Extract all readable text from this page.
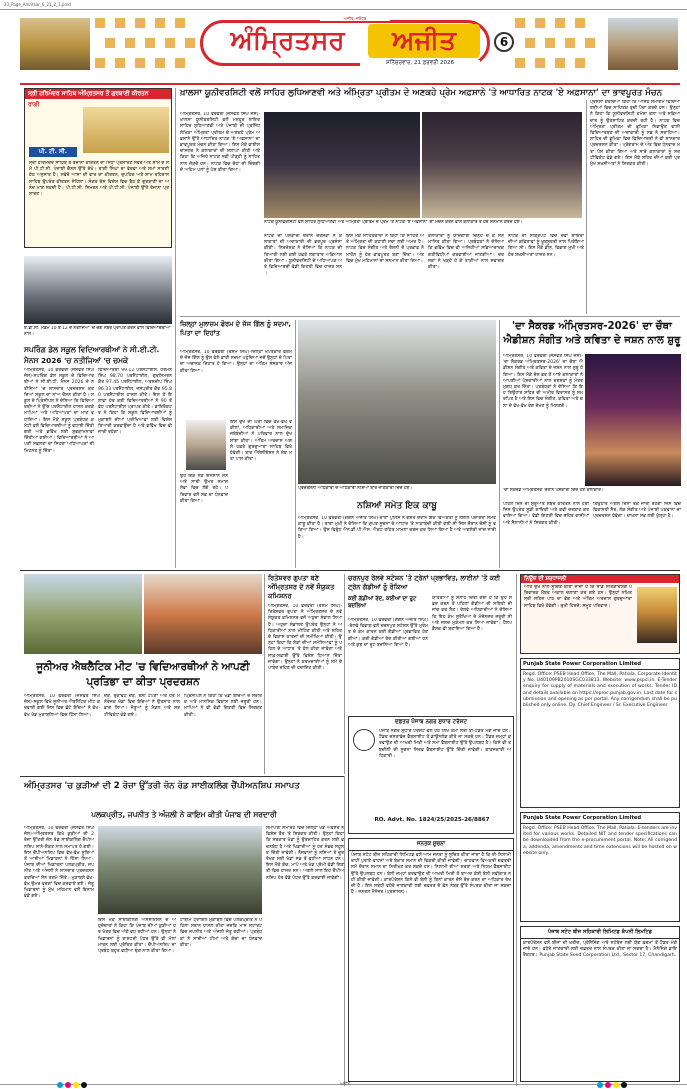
23_Page_Amritsar_6_21_2_1.pmd
ਅਜੀਤ, ਜਲੰਧਰ
ਅੰਮ੍ਰਿਤਸਰ	ਅਜੀਤ
ਸ਼ਨਿੱਚਰਵਾਰ, 21 ਫ਼ਰਵਰੀ 2026
6
ਸ੍ਰੀ ਹਰਿਮੰਦਰ ਸਾਹਿਬ ਅੰਮ੍ਰਿਤਸਰ ਤੋਂ ਗੁਰਬਾਣੀ ਕੀਰਤਨ
ਰਾਗੀ
ਪੀ. ਟੀ. ਸੀ.
ਸ੍ਰੀ ਹਰਿਮੰਦਰ ਸਾਹਿਬ ਤੋਂ ਰੋਜ਼ਾਨਾ ਕੀਰਤਨ ਦਾ ਸਿੱਧਾ ਪ੍ਰਸਾਰਣ ਸਵੇਰੇ ਅਤੇ ਸ਼ਾਮ ਦੇ ਸਮੇਂ ਪੀ.ਟੀ.ਸੀ. ਪੰਜਾਬੀ ਚੈਨਲ ਉੱਤੇ ਦੇਖੋ। ਰਾਗੀ ਸਿੰਘਾਂ ਦਾ ਵੇਰਵਾ ਅਤੇ ਸਮਾਂ ਸਾਰਣੀ ਹੇਠ ਅਨੁਸਾਰ ਹੈ। ਸਵੇਰੇ ਆਸਾ ਦੀ ਵਾਰ ਦਾ ਕੀਰਤਨ, ਦੁਪਹਿਰ ਅਤੇ ਸ਼ਾਮ ਰਹਿਰਾਸ ਸਾਹਿਬ ਉਪਰੰਤ ਕੀਰਤਨ ਸੋਹਿਲਾ। ਸੰਗਤ ਦੇਸ਼ ਵਿਦੇਸ਼ ਵਿਚ ਬੈਠ ਕੇ ਗੁਰਬਾਣੀ ਦਾ ਅਨੰਦ ਮਾਣ ਸਕਦੀ ਹੈ। ਪੀ.ਟੀ.ਸੀ. ਸਿਮਰਨ ਅਤੇ ਪੀ.ਟੀ.ਸੀ. ਪੰਜਾਬੀ ਉੱਤੇ ਰੋਜ਼ਾਨਾ ਪ੍ਰਸਾਰਣ।
ਏ.ਡੀ.ਸੀ. ਮੈਡਮ 10 ਤੇ 12 ਦੇ ਨਤੀਜਿਆਂ 'ਚ ਚੰਗੇ ਨੰਬਰ ਪ੍ਰਾਪਤ ਕਰਨ ਵਾਲੇ ਵਿਦਿਆਰਥੀਆਂ ਨਾਲ।
ਸਪਰਿੰਗ ਡੇਲ ਸਕੂਲ ਵਿਦਿਆਰਥੀਆਂ ਨੇ ਸੀ.ਈ.ਟੀ. ਮੈਨਸ 2026 'ਚ ਨਤੀਜਿਆਂ 'ਚ ਚਮਕੇ
ਅੰਮ੍ਰਿਤਸਰ, 10 ਫਰਵਰੀ (ਜਸਵੰਤ ਸਿੰਘ ਜੱਸ)-ਸਪਰਿੰਗ ਡੇਲ ਸਕੂਲ ਦੇ ਵਿਦਿਆਰਥੀਆਂ ਨੇ ਸੀ.ਈ.ਟੀ. ਮੈਨਸ 2026 ਦੇ ਨਤੀਜਿਆਂ 'ਚ ਸ਼ਾਨਦਾਰ ਪ੍ਰਦਰਸ਼ਨ ਕਰਦਿਆਂ ਸਕੂਲ ਦਾ ਨਾਂਅ ਰੌਸ਼ਨ ਕੀਤਾ ਹੈ। ਸਕੂਲ ਦੇ ਪ੍ਰਿੰਸੀਪਲ ਨੇ ਦੱਸਿਆ ਕਿ ਵਿਦਿਆਰਥੀਆਂ ਨੇ ਉੱਚ ਪਰਸੈਂਟਾਈਲ ਹਾਸਲ ਕਰਕੇ ਮਾਪਿਆਂ ਅਤੇ ਅਧਿਆਪਕਾਂ ਦਾ ਮਾਣ ਵਧਾਇਆ। ਇਸ ਮੌਕੇ ਸਕੂਲ ਪ੍ਰਬੰਧਕ ਕਮੇਟੀ ਵਲੋਂ ਵਿਦਿਆਰਥੀਆਂ ਨੂੰ ਵਧਾਈ ਦਿੱਤੀ ਗਈ ਅਤੇ ਭਵਿੱਖ ਲਈ ਸ਼ੁਭਕਾਮਨਾਵਾਂ ਦਿੱਤੀਆਂ ਗਈਆਂ। ਵਿਦਿਆਰਥੀਆਂ ਨੇ ਆਪਣੀ ਸਫ਼ਲਤਾ ਦਾ ਸਿਹਰਾ ਅਧਿਆਪਕਾਂ ਦੀ ਮਿਹਨਤ ਨੂੰ ਦਿੱਤਾ।
ਵਿਦਿਆਰਥੀ 99.12 ਪਰਸੈਂਟਾਈਲ, ਹਰਮਨ ਸਿੰਘ 98.70 ਪਰਸੈਂਟਾਈਲ, ਗੁਰਸਿਮਰਨ ਕੌਰ 97.45 ਪਰਸੈਂਟਾਈਲ, ਅਰਸ਼ਦੀਪ ਸਿੰਘ 96.33 ਪਰਸੈਂਟਾਈਲ, ਜਸਪ੍ਰੀਤ ਕੌਰ 95.80 ਪਰਸੈਂਟਾਈਲ ਹਾਸਲ ਕੀਤੇ। ਇਸ ਤੋਂ ਇਲਾਵਾ ਹੋਰ ਕਈ ਵਿਦਿਆਰਥੀਆਂ ਨੇ 90 ਤੋਂ ਵੱਧ ਪਰਸੈਂਟਾਈਲ ਪ੍ਰਾਪਤ ਕੀਤੇ। ਡਾਇਰੈਕਟਰ ਨੇ ਕਿਹਾ ਕਿ ਸਕੂਲ ਵਿਦਿਆਰਥੀਆਂ ਨੂੰ ਮੁਕਾਬਲੇ ਦੀਆਂ ਪ੍ਰੀਖਿਆਵਾਂ ਲਈ ਵਿਸ਼ੇਸ਼ ਤਿਆਰੀ ਕਰਵਾਉਂਦਾ ਹੈ ਅਤੇ ਭਵਿੱਖ ਵਿਚ ਵੀ ਜਾਰੀ ਰਹੇਗਾ।
ਖ਼ਾਲਸਾ ਯੂਨੀਵਰਸਿਟੀ ਵਲੋਂ ਸਾਹਿਰ ਲੁਧਿਆਣਵੀ ਅਤੇ ਅੰਮ੍ਰਿਤਾ ਪ੍ਰੀਤਮ ਦੇ ਅਣਕਹੇ ਪ੍ਰੇਮ ਅਫ਼ਸਾਨੇ 'ਤੇ ਆਧਾਰਿਤ ਨਾਟਕ 'ਏ ਅਫ਼ਸਾਨਾ' ਦਾ ਭਾਵਪੂਰਤ ਮੰਚਨ
ਅੰਮ੍ਰਿਤਸਰ, 10 ਫਰਵਰੀ (ਜਸਵੰਤ ਸਿੰਘ ਜੱਸ)-ਖ਼ਾਲਸਾ ਯੂਨੀਵਰਸਿਟੀ ਵਲੋਂ ਮਸ਼ਹੂਰ ਸ਼ਾਇਰ ਸਾਹਿਰ ਲੁਧਿਆਣਵੀ ਅਤੇ ਪੰਜਾਬੀ ਦੀ ਪ੍ਰਸਿੱਧ ਲੇਖਿਕਾ ਅੰਮ੍ਰਿਤਾ ਪ੍ਰੀਤਮ ਦੇ ਅਣਕਹੇ ਪ੍ਰੇਮ ਅਫ਼ਸਾਨੇ ਉੱਤੇ ਆਧਾਰਿਤ ਨਾਟਕ 'ਏ ਅਫ਼ਸਾਨਾ' ਦਾ ਭਾਵਪੂਰਤ ਮੰਚਨ ਕੀਤਾ ਗਿਆ। ਇਸ ਮੌਕੇ ਵਾਈਸ ਚਾਂਸਲਰ ਨੇ ਕਲਾਕਾਰਾਂ ਦੀ ਸ਼ਲਾਘਾ ਕੀਤੀ ਅਤੇ ਕਿਹਾ ਕਿ ਅਜਿਹੇ ਨਾਟਕ ਨਵੀਂ ਪੀੜ੍ਹੀ ਨੂੰ ਸਾਹਿਤ ਨਾਲ ਜੋੜਦੇ ਹਨ। ਨਾਟਕ ਵਿਚ ਦੋਹਾਂ ਦੀ ਜ਼ਿੰਦਗੀ ਦੇ ਅਹਿਮ ਪਲਾਂ ਨੂੰ ਪੇਸ਼ ਕੀਤਾ ਗਿਆ।
ਨਾਟਕ ਯੂਨੀਵਰਸਿਟੀ ਵਲੋਂ ਸਾਹਿਰ ਲੁਧਿਆਣਵੀ ਅਤੇ ਅੰਮ੍ਰਿਤਾ ਪ੍ਰੀਤਮ ਦੇ ਪ੍ਰੇਮ 'ਤੇ ਨਾਟਕ 'ਏ ਅਫ਼ਸਾਨਾ' ਦਾ ਮੰਚਨ ਕਰਨ ਵਾਲੇ ਕਲਾਕਾਰ ਤੇ ਹੋਰ ਸਨਮਾਨ ਕਰਦੇ ਹੋਏ।
ਨਾਟਕ ਦੀ ਪੇਸ਼ਕਾਰੀ ਦੌਰਾਨ ਦਰਸ਼ਕਾਂ ਨੇ ਕਲਾਕਾਰਾਂ ਦੀ ਅਦਾਕਾਰੀ ਦੀ ਭਰਪੂਰ ਪ੍ਰਸ਼ੰਸਾ ਕੀਤੀ। ਨਿਰਦੇਸ਼ਕ ਨੇ ਦੱਸਿਆ ਕਿ ਨਾਟਕ ਦੀ ਤਿਆਰੀ ਲਈ ਕਈ ਹਫ਼ਤੇ ਲਗਾਤਾਰ ਅਭਿਆਸ ਕੀਤਾ ਗਿਆ। ਯੂਨੀਵਰਸਿਟੀ ਦੇ ਅਧਿਆਪਕ ਅਤੇ ਵਿਦਿਆਰਥੀ ਵੱਡੀ ਗਿਣਤੀ ਵਿਚ ਹਾਜ਼ਰ ਸਨ।
ਇਸ ਮੌਕੇ ਸਾਹਿਤਕਾਰਾਂ ਨੇ ਕਿਹਾ ਕਿ ਸਾਹਿਰ ਅਤੇ ਅੰਮ੍ਰਿਤਾ ਦੀ ਕਹਾਣੀ ਸਦਾ ਲਈ ਅਮਰ ਹੈ। ਨਾਟਕ ਵਿਚ ਸੰਗੀਤ ਅਤੇ ਰੌਸ਼ਨੀ ਦੇ ਪ੍ਰਭਾਵ ਨੇ ਮਾਹੌਲ ਨੂੰ ਹੋਰ ਭਾਵਪੂਰਤ ਬਣਾ ਦਿੱਤਾ। ਅੰਤ ਵਿਚ ਮੁੱਖ ਮਹਿਮਾਨਾਂ ਦਾ ਸਨਮਾਨ ਕੀਤਾ ਗਿਆ।
ਕਲਾਕਾਰਾਂ ਨੂੰ ਯਾਦਗਾਰੀ ਚਿੰਨ੍ਹ ਦੇ ਕੇ ਸਨਮਾਨਿਤ ਕੀਤਾ ਗਿਆ। ਪ੍ਰਬੰਧਕਾਂ ਨੇ ਦੱਸਿਆ ਕਿ ਭਵਿੱਖ ਵਿਚ ਵੀ ਅਜਿਹੀਆਂ ਸਭਿਆਚਾਰਕ ਗਤੀਵਿਧੀਆਂ ਕਰਵਾਈਆਂ ਜਾਣਗੀਆਂ। ਦਰਸ਼ਕਾਂ ਨੇ ਖੜ੍ਹੇ ਹੋ ਕੇ ਤਾੜੀਆਂ ਨਾਲ ਸਵਾਗਤ ਕੀਤਾ।
ਨਾਟਕ ਦੀ ਸਕ੍ਰਿਪਟ ਵਿਚ ਦੋਵਾਂ ਸ਼ਾਇਰਾਂ ਦੀਆਂ ਕਵਿਤਾਵਾਂ ਨੂੰ ਖ਼ੂਬਸੂਰਤੀ ਨਾਲ ਪਿਰੋਇਆ ਗਿਆ ਸੀ। ਇਸ ਮੌਕੇ ਡੀਨ, ਵਿਭਾਗ ਮੁਖੀ ਅਤੇ ਹੋਰ ਸ਼ਖ਼ਸੀਅਤਾਂ ਹਾਜ਼ਰ ਸਨ।
ਪ੍ਰਸ਼ੰਸਾ ਕਰਦਿਆਂ ਕਿਹਾ ਕਿ ਅਜਿਹੇ ਸਮਾਗਮ ਵਿਦਿਆਰਥੀਆਂ ਵਿਚ ਸਾਹਿਤਕ ਰੁਚੀ ਪੈਦਾ ਕਰਦੇ ਹਨ। ਉਨ੍ਹਾਂ ਨੇ ਕਿਹਾ ਕਿ ਯੂਨੀਵਰਸਿਟੀ ਹਮੇਸ਼ਾ ਕਲਾ ਅਤੇ ਸਭਿਆਚਾਰ ਨੂੰ ਉਤਸ਼ਾਹਿਤ ਕਰਦੀ ਰਹੀ ਹੈ। ਨਾਟਕ ਵਿਚ ਅੰਮ੍ਰਿਤਾ ਪ੍ਰੀਤਮ ਦੀ ਭੂਮਿਕਾ ਨਿਭਾਉਣ ਵਾਲੀ ਵਿਦਿਆਰਥਣ ਦੀ ਅਦਾਕਾਰੀ ਨੂੰ ਸਭ ਨੇ ਸਰਾਹਿਆ। ਸਾਹਿਰ ਦੀ ਭੂਮਿਕਾ ਵਿਚ ਵਿਦਿਆਰਥੀ ਨੇ ਵੀ ਸ਼ਾਨਦਾਰ ਪ੍ਰਦਰਸ਼ਨ ਕੀਤਾ। ਪ੍ਰੋਗਰਾਮ ਦੇ ਅੰਤ ਵਿਚ ਧੰਨਵਾਦ ਮਤਾ ਪੇਸ਼ ਕੀਤਾ ਗਿਆ ਅਤੇ ਸਾਰੇ ਕਲਾਕਾਰਾਂ ਨੂੰ ਸਰਟੀਫਿਕੇਟ ਵੰਡੇ ਗਏ। ਇਸ ਮੌਕੇ ਸ਼ਹਿਰ ਦੀਆਂ ਕਈ ਪ੍ਰਮੁੱਖ ਸ਼ਖ਼ਸੀਅਤਾਂ ਨੇ ਸ਼ਿਰਕਤ ਕੀਤੀ।
ਜ਼ਿਲ੍ਹਾ ਮੁਲਾਜ਼ਮ ਫੋਰਮ ਦੇ ਜੱਜ ਗਿੱਲ ਨੂੰ ਸਦਮਾ, ਪਿਤਾ ਦਾ ਦਿਹਾਂਤ
ਅੰਮ੍ਰਿਤਸਰ, 10 ਫਰਵਰੀ (ਰੇਸ਼ਮ ਸਿੰਘ)-ਜ਼ਿਲ੍ਹਾ ਖਪਤਕਾਰ ਫੋਰਮ ਦੇ ਜੱਜ ਗਿੱਲ ਨੂੰ ਉਸ ਵੇਲੇ ਭਾਰੀ ਸਦਮਾ ਪਹੁੰਚਿਆ ਜਦੋਂ ਉਨ੍ਹਾਂ ਦੇ ਪਿਤਾ ਦਾ ਅਚਾਨਕ ਦਿਹਾਂਤ ਹੋ ਗਿਆ। ਉਨ੍ਹਾਂ ਦਾ ਅੰਤਿਮ ਸੰਸਕਾਰ ਅੱਜ ਕੀਤਾ ਗਿਆ।
ਇਸ ਦੁੱਖ ਦੀ ਘੜੀ ਵਿਚ ਵੱਖ-ਵੱਖ ਵਕੀਲਾਂ, ਅਧਿਕਾਰੀਆਂ ਅਤੇ ਸਮਾਜਿਕ ਜਥੇਬੰਦੀਆਂ ਨੇ ਪਰਿਵਾਰ ਨਾਲ ਦੁੱਖ ਸਾਂਝਾ ਕੀਤਾ। ਅੰਤਿਮ ਅਰਦਾਸ ਅਗਲੇ ਹਫ਼ਤੇ ਗੁਰਦੁਆਰਾ ਸਾਹਿਬ ਵਿਖੇ ਹੋਵੇਗੀ। ਬਾਰ ਐਸੋਸੀਏਸ਼ਨ ਨੇ ਸ਼ੋਕ ਮਤਾ ਪਾਸ ਕੀਤਾ।
ਉਹ ਇਕ ਨੇਕ ਇਨਸਾਨ ਸਨ ਅਤੇ ਸਾਰੀ ਉਮਰ ਸਮਾਜ ਸੇਵਾ ਵਿਚ ਲੱਗੇ ਰਹੇ। ਪਰਿਵਾਰ ਵਲੋਂ ਸਭ ਦਾ ਧੰਨਵਾਦ ਕੀਤਾ ਗਿਆ।
ਪ੍ਰਦਰਸ਼ਨੀ ਅਧਿਕਾਰੀ ਦੇ ਅਧਿਕਾਰੀ ਨਸ਼ਿਆਂ ਬਾਰੇ ਜਾਣਕਾਰੀ ਦਿੰਦੇ ਹੋਏ।
ਨਸ਼ਿਆਂ ਸਮੇਤ ਇਕ ਕਾਬੂ
ਅੰਮ੍ਰਿਤਸਰ, 10 ਫਰਵਰੀ (ਗਗਨ ਅਜੀਤ ਸਿੰਘ)-ਥਾਣਾ ਪੁਲਿਸ ਨੇ ਗਸ਼ਤ ਦੌਰਾਨ ਇਕ ਵਿਅਕਤੀ ਨੂੰ ਨਸ਼ੀਲੇ ਪਦਾਰਥਾਂ ਸਮੇਤ ਕਾਬੂ ਕੀਤਾ ਹੈ। ਥਾਣਾ ਮੁਖੀ ਨੇ ਦੱਸਿਆ ਕਿ ਗੁਪਤ ਸੂਚਨਾ ਦੇ ਆਧਾਰ 'ਤੇ ਨਾਕਾਬੰਦੀ ਕੀਤੀ ਗਈ ਸੀ ਜਿਸ ਦੌਰਾਨ ਦੋਸ਼ੀ ਨੂੰ ਫੜਿਆ ਗਿਆ। ਉਸ ਵਿਰੁੱਧ ਐਨ.ਡੀ.ਪੀ.ਐਸ. ਐਕਟ ਤਹਿਤ ਮਾਮਲਾ ਦਰਜ ਕਰ ਲਿਆ ਗਿਆ ਹੈ ਅਤੇ ਅਗਲੇਰੀ ਜਾਂਚ ਜਾਰੀ ਹੈ।
'ਦਾ ਸੈਕਰਡ ਅੰਮ੍ਰਿਤਸਰ-2026' ਦਾ ਚੌਥਾ ਐਡੀਸ਼ਨ ਸੰਗੀਤ ਅਤੇ ਕਵਿਤਾ ਦੇ ਜਸ਼ਨ ਨਾਲ ਸ਼ੁਰੂ
ਅੰਮ੍ਰਿਤਸਰ, 10 ਫਰਵਰੀ (ਜਸਵੰਤ ਸਿੰਘ ਜੱਸ)-'ਦਾ ਸੈਕਰਡ ਅੰਮ੍ਰਿਤਸਰ-2026' ਦਾ ਚੌਥਾ ਐਡੀਸ਼ਨ ਸੰਗੀਤ ਅਤੇ ਕਵਿਤਾ ਦੇ ਜਸ਼ਨ ਨਾਲ ਸ਼ੁਰੂ ਹੋ ਗਿਆ। ਇਸ ਮੌਕੇ ਦੇਸ਼ ਭਰ ਤੋਂ ਆਏ ਕਲਾਕਾਰਾਂ ਨੇ ਆਪਣੀਆਂ ਪੇਸ਼ਕਾਰੀਆਂ ਨਾਲ ਦਰਸ਼ਕਾਂ ਨੂੰ ਮੰਤਰਮੁਗਧ ਕਰ ਦਿੱਤਾ। ਪ੍ਰਬੰਧਕਾਂ ਨੇ ਦੱਸਿਆ ਕਿ ਇਹ ਤਿਉਹਾਰ ਸ਼ਹਿਰ ਦੀ ਅਮੀਰ ਵਿਰਾਸਤ ਨੂੰ ਸਮਰਪਿਤ ਹੈ ਅਤੇ ਇਸ ਵਿਚ ਸੰਗੀਤ, ਕਵਿਤਾ ਅਤੇ ਕਲਾ ਦੇ ਵੱਖ-ਵੱਖ ਰੰਗ ਦੇਖਣ ਨੂੰ ਮਿਲਣਗੇ।
'ਦਾ ਸੈਕਰਡ ਅੰਮ੍ਰਿਤਸਰ' ਦੌਰਾਨ ਪੇਸ਼ਕਾਰੀ ਦਿੰਦੇ ਹੋਏ ਕਲਾਕਾਰ।
ਪਹਿਲੇ ਦਿਨ ਦੀ ਸ਼ੁਰੂਆਤ ਸ਼ਬਦ ਕੀਰਤਨ ਨਾਲ ਹੋਈ ਜਿਸ ਉਪਰੰਤ ਸੂਫ਼ੀ ਗਾਇਕੀ ਅਤੇ ਕਵੀ ਦਰਬਾਰ ਕਰਵਾਇਆ ਗਿਆ। ਵੱਡੀ ਗਿਣਤੀ ਵਿਚ ਸ਼ਹਿਰ ਵਾਸੀਆਂ ਅਤੇ ਸੈਲਾਨੀਆਂ ਨੇ ਸ਼ਿਰਕਤ ਕੀਤੀ।
ਤਿਉਹਾਰ ਅਗਲੇ ਦਿਨਾਂ ਤੱਕ ਜਾਰੀ ਰਹੇਗਾ ਜਿਸ ਵਿਚ ਵਿਰਾਸਤੀ ਸੈਰ, ਲੋਕ ਸੰਗੀਤ ਅਤੇ ਪੰਜਾਬੀ ਪਕਵਾਨਾਂ ਦਾ ਪ੍ਰਦਰਸ਼ਨ ਹੋਵੇਗਾ। ਦਾਖ਼ਲਾ ਸਭ ਲਈ ਖੁੱਲ੍ਹਾ ਹੈ।
ਜੂਨੀਅਰ ਐਥਲੈਟਿਕ ਮੀਟ 'ਚ ਵਿਦਿਆਰਥੀਆਂ ਨੇ ਆਪਣੀ ਪ੍ਰਤਿਭਾ ਦਾ ਕੀਤਾ ਪ੍ਰਦਰਸ਼ਨ
ਅੰਮ੍ਰਿਤਸਰ, 10 ਫਰਵਰੀ (ਜਸਵੰਤ ਸਿੰਘ ਜੱਸ)-ਸਕੂਲ ਵਿਖੇ ਜੂਨੀਅਰ ਐਥਲੈਟਿਕ ਮੀਟ ਕਰਵਾਈ ਗਈ ਜਿਸ ਵਿਚ ਛੋਟੇ ਬੱਚਿਆਂ ਨੇ ਵੱਖ-ਵੱਖ ਖੇਡ ਮੁਕਾਬਲਿਆਂ ਵਿਚ ਹਿੱਸਾ ਲਿਆ।
ਦੌੜ, ਰੁਕਾਵਟ ਦੌੜ, ਰੱਸੀ ਟੱਪਣਾ ਅਤੇ ਹੋਰ ਮਨੋਰੰਜਕ ਖੇਡਾਂ ਵਿਚ ਬੱਚਿਆਂ ਨੇ ਉਤਸ਼ਾਹ ਨਾਲ ਭਾਗ ਲਿਆ। ਜੇਤੂਆਂ ਨੂੰ ਮੈਡਲ ਅਤੇ ਸਰਟੀਫਿਕੇਟ ਵੰਡੇ ਗਏ।
ਪ੍ਰਿੰਸੀਪਲ ਨੇ ਕਿਹਾ ਕਿ ਖੇਡਾਂ ਬੱਚਿਆਂ ਦੇ ਸਰੀਰਕ ਅਤੇ ਮਾਨਸਿਕ ਵਿਕਾਸ ਲਈ ਜ਼ਰੂਰੀ ਹਨ। ਮਾਪਿਆਂ ਨੇ ਵੀ ਵੱਡੀ ਗਿਣਤੀ ਵਿਚ ਸ਼ਿਰਕਤ ਕੀਤੀ।
ਰਿਤੇਸ਼ਵਰ ਗੁਪਤਾ ਬਣੇ ਅੰਮ੍ਰਿਤਸਰ ਦੇ ਨਵੇਂ ਸੰਯੁਕਤ ਕਮਿਸ਼ਨਰ
ਅੰਮ੍ਰਿਤਸਰ, 10 ਫਰਵਰੀ (ਰੇਸ਼ਮ ਸਿੰਘ)-ਰਿਤੇਸ਼ਵਰ ਗੁਪਤਾ ਨੇ ਅੰਮ੍ਰਿਤਸਰ ਦੇ ਨਵੇਂ ਸੰਯੁਕਤ ਕਮਿਸ਼ਨਰ ਵਜੋਂ ਅਹੁਦਾ ਸੰਭਾਲ ਲਿਆ ਹੈ। ਅਹੁਦਾ ਸੰਭਾਲਣ ਉਪਰੰਤ ਉਨ੍ਹਾਂ ਨੇ ਅਧਿਕਾਰੀਆਂ ਨਾਲ ਮੀਟਿੰਗ ਕੀਤੀ ਅਤੇ ਸ਼ਹਿਰ ਦੇ ਵਿਕਾਸ ਕਾਰਜਾਂ ਦੀ ਸਮੀਖਿਆ ਕੀਤੀ। ਉਨ੍ਹਾਂ ਕਿਹਾ ਕਿ ਲੋਕਾਂ ਦੀਆਂ ਸਮੱਸਿਆਵਾਂ ਨੂੰ ਪਹਿਲ ਦੇ ਆਧਾਰ 'ਤੇ ਹੱਲ ਕੀਤਾ ਜਾਵੇਗਾ ਅਤੇ ਸਾਫ਼-ਸਫ਼ਾਈ ਉੱਤੇ ਵਿਸ਼ੇਸ਼ ਧਿਆਨ ਦਿੱਤਾ ਜਾਵੇਗਾ। ਉਨ੍ਹਾਂ ਨੇ ਕਰਮਚਾਰੀਆਂ ਨੂੰ ਸਮੇਂ ਦੇ ਪਾਬੰਦ ਰਹਿਣ ਦੀ ਹਦਾਇਤ ਕੀਤੀ।
ਚਰਨਪੁਰ ਰੇਲਵੇ ਸਟੇਸ਼ਨ 'ਤੇ ਟ੍ਰੇਨਾਂ ਪ੍ਰਭਾਵਿਤ, ਲਾਈਨਾਂ 'ਤੇ ਕਈ ਟ੍ਰੇਨ ਗੱਡੀਆਂ ਨੂੰ ਰੋਕਿਆ
ਕਈ ਗੱਡੀਆਂ ਰੱਦ, ਕਈਆਂ ਦਾ ਰੂਟ ਬਦਲਿਆ
ਅੰਮ੍ਰਿਤਸਰ, 10 ਫਰਵਰੀ (ਗਗਨ ਅਜੀਤ ਸਿੰਘ)-ਰੇਲਵੇ ਵਿਭਾਗ ਵਲੋਂ ਚਰਨਪੁਰ ਸਟੇਸ਼ਨ ਉੱਤੇ ਮੁਰੰਮਤ ਦੇ ਕੰਮ ਕਾਰਨ ਕਈ ਗੱਡੀਆਂ ਪ੍ਰਭਾਵਿਤ ਹੋਣਗੀਆਂ। ਕਈ ਗੱਡੀਆਂ ਰੱਦ ਕੀਤੀਆਂ ਗਈਆਂ ਹਨ ਅਤੇ ਕੁਝ ਦਾ ਰੂਟ ਬਦਲਿਆ ਗਿਆ ਹੈ।
ਯਾਤਰੀਆਂ ਨੂੰ ਸਲਾਹ ਦਿੱਤੀ ਗਈ ਹੈ ਕਿ ਉਹ ਸਫ਼ਰ ਕਰਨ ਤੋਂ ਪਹਿਲਾਂ ਗੱਡੀਆਂ ਦੀ ਸਥਿਤੀ ਦੀ ਜਾਂਚ ਕਰ ਲੈਣ। ਰੇਲਵੇ ਅਧਿਕਾਰੀਆਂ ਨੇ ਦੱਸਿਆ ਕਿ ਇਹ ਕੰਮ ਸੁਰੱਖਿਆ ਦੇ ਮੱਦੇਨਜ਼ਰ ਜ਼ਰੂਰੀ ਸੀ ਅਤੇ ਜਲਦ ਮੁਕੰਮਲ ਕਰ ਲਿਆ ਜਾਵੇਗਾ। ਹੈਲਪ ਡੈਸਕ ਵੀ ਬਣਾਇਆ ਗਿਆ ਹੈ।
ਦਫ਼ਤਰ ਪੰਜਾਬ ਨਗਰ ਸੁਧਾਰ ਟਰੱਸਟ
ਪੰਜਾਬ ਨਗਰ ਸੁਧਾਰ ਟਰੱਸਟ ਵਲੋਂ ਹੇਠ ਲਿਖੇ ਕੰਮਾਂ ਲਈ ਈ-ਟੈਂਡਰ ਮੰਗੇ ਜਾਂਦੇ ਹਨ। ਟੈਂਡਰ ਦਸਤਾਵੇਜ਼ ਵੈੱਬਸਾਈਟ ਤੋਂ ਡਾਊਨਲੋਡ ਕੀਤੇ ਜਾ ਸਕਦੇ ਹਨ। ਟੈਂਡਰ ਜਮ੍ਹਾਂ ਕਰਵਾਉਣ ਦੀ ਆਖ਼ਰੀ ਮਿਤੀ ਅਤੇ ਸਮਾਂ ਵੈੱਬਸਾਈਟ ਉੱਤੇ ਉਪਲਬਧ ਹੈ। ਕਿਸੇ ਵੀ ਤਬਦੀਲੀ ਦੀ ਸੂਚਨਾ ਸਿਰਫ਼ ਵੈੱਬਸਾਈਟ ਉੱਤੇ ਦਿੱਤੀ ਜਾਵੇਗੀ। ਕਾਰਜਕਾਰੀ ਅਧਿਕਾਰੀ।
RO. Advt. No. 1824/25/2025-26/8867
ਨਿਊਜ਼ ਦੀ ਸ਼ਰਧਾਂਜਲੀ
ਅਤਿ ਦੁੱਖ ਨਾਲ ਸੂਚਿਤ ਕੀਤਾ ਜਾਂਦਾ ਹੈ ਕਿ ਸਾਡੇ ਸਤਿਕਾਰਯੋਗ ਪਰਿਵਾਰਕ ਮੈਂਬਰ ਅਕਾਲ ਚਲਾਣਾ ਕਰ ਗਏ ਹਨ। ਉਨ੍ਹਾਂ ਨਮਿਤ ਸ੍ਰੀ ਸਹਿਜ ਪਾਠ ਦਾ ਭੋਗ ਅਤੇ ਅੰਤਿਮ ਅਰਦਾਸ ਗੁਰਦੁਆਰਾ ਸਾਹਿਬ ਵਿਖੇ ਹੋਵੇਗੀ। ਦੁਖੀ ਹਿਰਦੇ: ਸਮੂਹ ਪਰਿਵਾਰ।
Punjab State Power Corporation Limited
Regd. Office: PSEB Head Office, The Mall, Patiala. Corporate Identity No. U40109PB2010SGC033813. Website: www.pspcl.in. E-Tender enquiry for supply of materials and execution of works. Tender ID and details available on https://eproc.punjab.gov.in. Last date for submission and opening as per portal. Any corrigendum shall be published only online. Dy. Chief Engineer / Sr. Executive Engineer.
Punjab State Power Corporation Limited
Regd. Office: PSEB Head Office, The Mall, Patiala. E-tenders are invited for various works. Detailed NIT and tender specifications can be downloaded from the e-procurement portal. Note: All corrigenda, addenda, amendments and time extensions will be hosted on website only.
ਪੰਜਾਬ ਸਟੇਟ ਬੀਜ ਸਹਿਕਾਰੀ ਲਿਮਿਟਡ ਕੰਪਨੀ ਲਿਮਟਿਡ
ਕਾਰਪੋਰੇਸ਼ਨ ਵਲੋਂ ਬੀਜਾਂ ਦੀ ਖ਼ਰੀਦ, ਪ੍ਰੋਸੈਸਿੰਗ ਅਤੇ ਸਟੋਰੇਜ ਲਈ ਯੋਗ ਫ਼ਰਮਾਂ ਤੋਂ ਟੈਂਡਰ ਮੰਗੇ ਜਾਂਦੇ ਹਨ। ਵਧੇਰੇ ਜਾਣਕਾਰੀ ਲਈ ਦਫ਼ਤਰ ਨਾਲ ਸੰਪਰਕ ਕੀਤਾ ਜਾ ਸਕਦਾ ਹੈ। ਮੈਨੇਜਿੰਗ ਡਾਇਰੈਕਟਰ। Punjab State Seed Corporation Ltd., Sector 17, Chandigarh.
ਜਨਤਕ ਸੂਚਨਾ
ਪੰਜਾਬ ਸਟੇਟ ਬੀਜ ਸਹਿਕਾਰੀ ਲਿਮਿਟਡ ਵਲੋਂ ਆਮ ਜਨਤਾ ਨੂੰ ਸੂਚਿਤ ਕੀਤਾ ਜਾਂਦਾ ਹੈ ਕਿ ਈ-ਨਿਲਾਮੀ ਰਾਹੀਂ ਪੁਰਾਣੇ ਵਾਹਨਾਂ ਅਤੇ ਬੇਕਾਰ ਸਮਾਨ ਦੀ ਵਿਕਰੀ ਕੀਤੀ ਜਾਵੇਗੀ। ਚਾਹਵਾਨ ਵਿਅਕਤੀ ਦਫ਼ਤਰੀ ਸਮੇਂ ਦੌਰਾਨ ਸਮਾਨ ਦਾ ਨਿਰੀਖਣ ਕਰ ਸਕਦੇ ਹਨ। ਨਿਲਾਮੀ ਦੀਆਂ ਸ਼ਰਤਾਂ ਅਤੇ ਨਿਯਮ ਵੈੱਬਸਾਈਟ ਉੱਤੇ ਉਪਲਬਧ ਹਨ। ਬੋਲੀ ਜਮ੍ਹਾਂ ਕਰਵਾਉਣ ਦੀ ਆਖ਼ਰੀ ਮਿਤੀ ਤੋਂ ਬਾਅਦ ਕੋਈ ਬੋਲੀ ਸਵੀਕਾਰ ਨਹੀਂ ਕੀਤੀ ਜਾਵੇਗੀ। ਕਾਰਪੋਰੇਸ਼ਨ ਕਿਸੇ ਵੀ ਬੋਲੀ ਨੂੰ ਬਿਨਾਂ ਕਾਰਨ ਦੱਸੇ ਰੱਦ ਕਰਨ ਦਾ ਅਧਿਕਾਰ ਰੱਖਦੀ ਹੈ। ਇਸ ਸਬੰਧੀ ਵਧੇਰੇ ਜਾਣਕਾਰੀ ਲਈ ਦਫ਼ਤਰ ਦੇ ਫ਼ੋਨ ਨੰਬਰ ਉੱਤੇ ਸੰਪਰਕ ਕੀਤਾ ਜਾ ਸਕਦਾ ਹੈ। ਜਨਰਲ ਮੈਨੇਜਰ (ਪ੍ਰਸ਼ਾਸਨ)।
ਅੰਮ੍ਰਿਤਸਰ 'ਚ ਕੁੜੀਆਂ ਦੀ 2 ਰੋਜ਼ਾ ਉੱਤਰੀ ਜ਼ੋਨ ਰੋਡ ਸਾਈਕਲਿੰਗ ਚੈਂਪੀਅਨਸ਼ਿਪ ਸਮਾਪਤ
ਪਲਕਪ੍ਰੀਤ, ਜਪਨੀਤ ਤੇ ਅੰਜਲੀ ਨੇ ਕਾਇਮ ਕੀਤੀ ਪੰਜਾਬ ਦੀ ਸਰਦਾਰੀ
ਅੰਮ੍ਰਿਤਸਰ, 10 ਫਰਵਰੀ (ਜਸਵੰਤ ਸਿੰਘ ਜੱਸ)-ਅੰਮ੍ਰਿਤਸਰ ਵਿਖੇ ਕੁੜੀਆਂ ਦੀ 2 ਰੋਜ਼ਾ ਉੱਤਰੀ ਜ਼ੋਨ ਰੋਡ ਸਾਈਕਲਿੰਗ ਚੈਂਪੀਅਨਸ਼ਿਪ ਸ਼ਾਨੋ-ਸ਼ੌਕਤ ਨਾਲ ਸਮਾਪਤ ਹੋ ਗਈ। ਇਸ ਚੈਂਪੀਅਨਸ਼ਿਪ ਵਿਚ ਵੱਖ-ਵੱਖ ਸੂਬਿਆਂ ਤੋਂ ਆਈਆਂ ਖਿਡਾਰਨਾਂ ਨੇ ਹਿੱਸਾ ਲਿਆ। ਪੰਜਾਬ ਦੀਆਂ ਖਿਡਾਰਨਾਂ ਪਲਕਪ੍ਰੀਤ, ਜਪਨੀਤ ਅਤੇ ਅੰਜਲੀ ਨੇ ਸ਼ਾਨਦਾਰ ਪ੍ਰਦਰਸ਼ਨ ਕਰਦਿਆਂ ਸੋਨ ਤਗਮੇ ਜਿੱਤੇ। ਮੁਕਾਬਲੇ ਵੱਖ-ਵੱਖ ਉਮਰ ਵਰਗਾਂ ਵਿਚ ਕਰਵਾਏ ਗਏ। ਜੇਤੂ ਖਿਡਾਰਨਾਂ ਨੂੰ ਮੁੱਖ ਮਹਿਮਾਨ ਵਲੋਂ ਇਨਾਮ ਵੰਡੇ ਗਏ।
ਇਸ ਮੌਕੇ ਸਾਈਕਲਿੰਗ ਐਸੋਸੀਏਸ਼ਨ ਦੇ ਅਹੁਦੇਦਾਰਾਂ ਨੇ ਕਿਹਾ ਕਿ ਪੰਜਾਬ ਦੀਆਂ ਕੁੜੀਆਂ ਹਰ ਖੇਤਰ ਵਿਚ ਅੱਗੇ ਵਧ ਰਹੀਆਂ ਹਨ। ਉਨ੍ਹਾਂ ਨੇ ਖਿਡਾਰਨਾਂ ਨੂੰ ਰਾਸ਼ਟਰੀ ਪੱਧਰ ਉੱਤੇ ਵੀ ਮੱਲਾਂ ਮਾਰਨ ਲਈ ਪ੍ਰੇਰਿਤ ਕੀਤਾ। ਚੈਂਪੀਅਨਸ਼ਿਪ ਦਾ ਪ੍ਰਬੰਧ ਬਹੁਤ ਵਧੀਆ ਢੰਗ ਨਾਲ ਕੀਤਾ ਗਿਆ।
ਟਾਈਮ ਟ੍ਰਾਇਲ ਮੁਕਾਬਲੇ ਵਿਚ ਪਲਕਪ੍ਰੀਤ ਨੇ ਪਹਿਲਾ ਸਥਾਨ ਹਾਸਲ ਕੀਤਾ ਜਦਕਿ ਮਾਸ ਸਟਾਰਟ ਵਿਚ ਜਪਨੀਤ ਅਤੇ ਅੰਜਲੀ ਜੇਤੂ ਰਹੀਆਂ। ਪ੍ਰਬੰਧਕਾਂ ਨੇ ਸਾਰੀਆਂ ਟੀਮਾਂ ਅਤੇ ਕੋਚਾਂ ਦਾ ਧੰਨਵਾਦ ਕੀਤਾ।
ਸਮਾਪਤੀ ਸਮਾਰੋਹ ਵਿਚ ਜ਼ਿਲ੍ਹਾ ਖੇਡ ਅਫ਼ਸਰ ਨੇ ਵਿਸ਼ੇਸ਼ ਤੌਰ 'ਤੇ ਸ਼ਿਰਕਤ ਕੀਤੀ। ਉਨ੍ਹਾਂ ਕਿਹਾ ਕਿ ਸਰਕਾਰ ਖੇਡਾਂ ਨੂੰ ਉਤਸ਼ਾਹਿਤ ਕਰਨ ਲਈ ਵਚਨਬੱਧ ਹੈ ਅਤੇ ਖਿਡਾਰੀਆਂ ਨੂੰ ਹਰ ਸੰਭਵ ਸਹੂਲਤ ਦਿੱਤੀ ਜਾਵੇਗੀ। ਨੌਜਵਾਨਾਂ ਨੂੰ ਨਸ਼ਿਆਂ ਤੋਂ ਦੂਰ ਰੱਖਣ ਲਈ ਖੇਡਾਂ ਸਭ ਤੋਂ ਵਧੀਆ ਸਾਧਨ ਹਨ। ਇਸ ਮੌਕੇ ਕੋਚ, ਮਾਪੇ ਅਤੇ ਖੇਡ ਪ੍ਰੇਮੀ ਵੱਡੀ ਗਿਣਤੀ ਵਿਚ ਹਾਜ਼ਰ ਸਨ। ਅਗਲੇ ਸਾਲ ਇਹ ਚੈਂਪੀਅਨਸ਼ਿਪ ਹੋਰ ਵੱਡੇ ਪੱਧਰ ਉੱਤੇ ਕਰਵਾਈ ਜਾਵੇਗੀ।
ਅਜੀਤ
